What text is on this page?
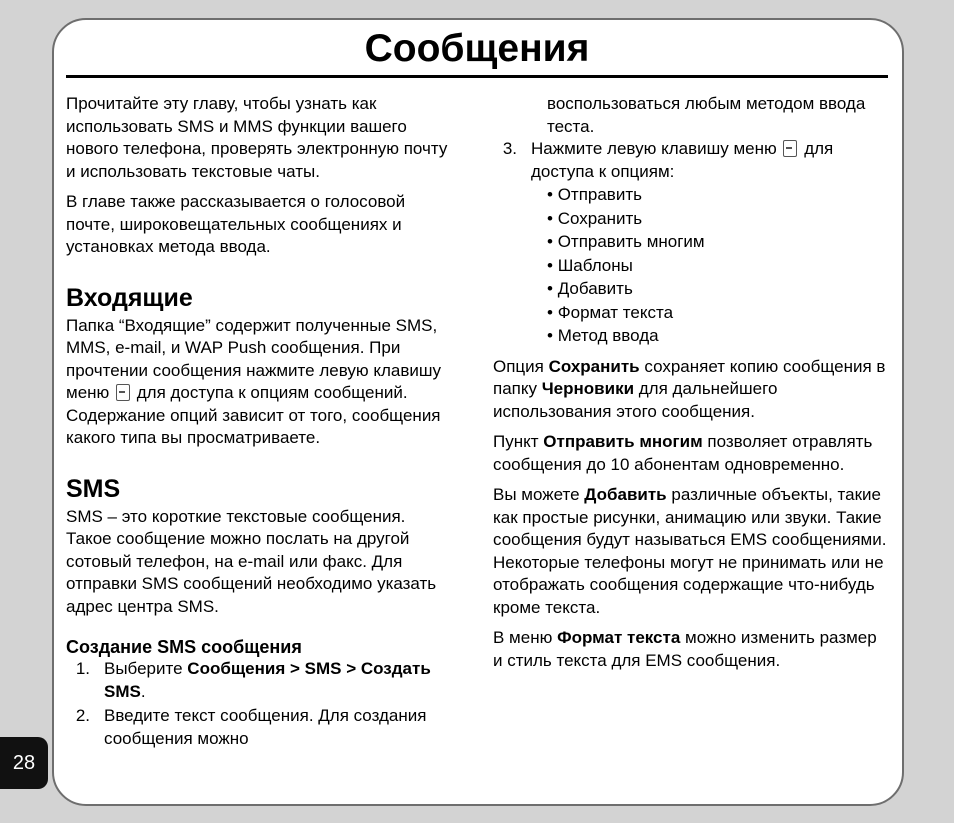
Сообщения

Прочитайте эту главу, чтобы узнать как использовать SMS и MMS функции вашего нового телефона, проверять электронную почту и использовать текстовые чаты.

В главе также рассказывается о голосовой почте, широковещательных сообщениях и установках метода ввода.

Входящие

Папка “Входящие” содержит полученные SMS, MMS, e-mail, и WAP Push сообщения. При прочтении сообщения нажмите левую клавишу меню для доступа к опциям сообщений. Содержание опций зависит от того, сообщения какого типа вы просматриваете.

SMS

SMS – это короткие текстовые сообщения. Такое сообщение можно послать на другой сотовый телефон, на e-mail или факс. Для отправки SMS сообщений необходимо указать адрес центра SMS.

Создание SMS сообщения
1. Выберите Сообщения > SMS > Создать SMS.
2. Введите текст сообщения. Для создания сообщения можно
воспользоваться любым методом ввода теста.
3. Нажмите левую клавишу меню для доступа к опциям:
• Отправить
• Сохранить
• Отправить многим
• Шаблоны
• Добавить
• Формат текста
• Метод ввода

Опция Сохранить сохраняет копию сообщения в папку Черновики для дальнейшего использования этого сообщения.

Пункт Отправить многим позволяет отравлять сообщения до 10 абонентам одновременно.

Вы можете Добавить различные объекты, такие как простые рисунки, анимацию или звуки. Такие сообщения будут называться EMS сообщениями. Некоторые телефоны могут не принимать или не отображать сообщения содержащие что-нибудь кроме текста.

В меню Формат текста можно изменить размер и стиль текста для EMS сообщения.

28
